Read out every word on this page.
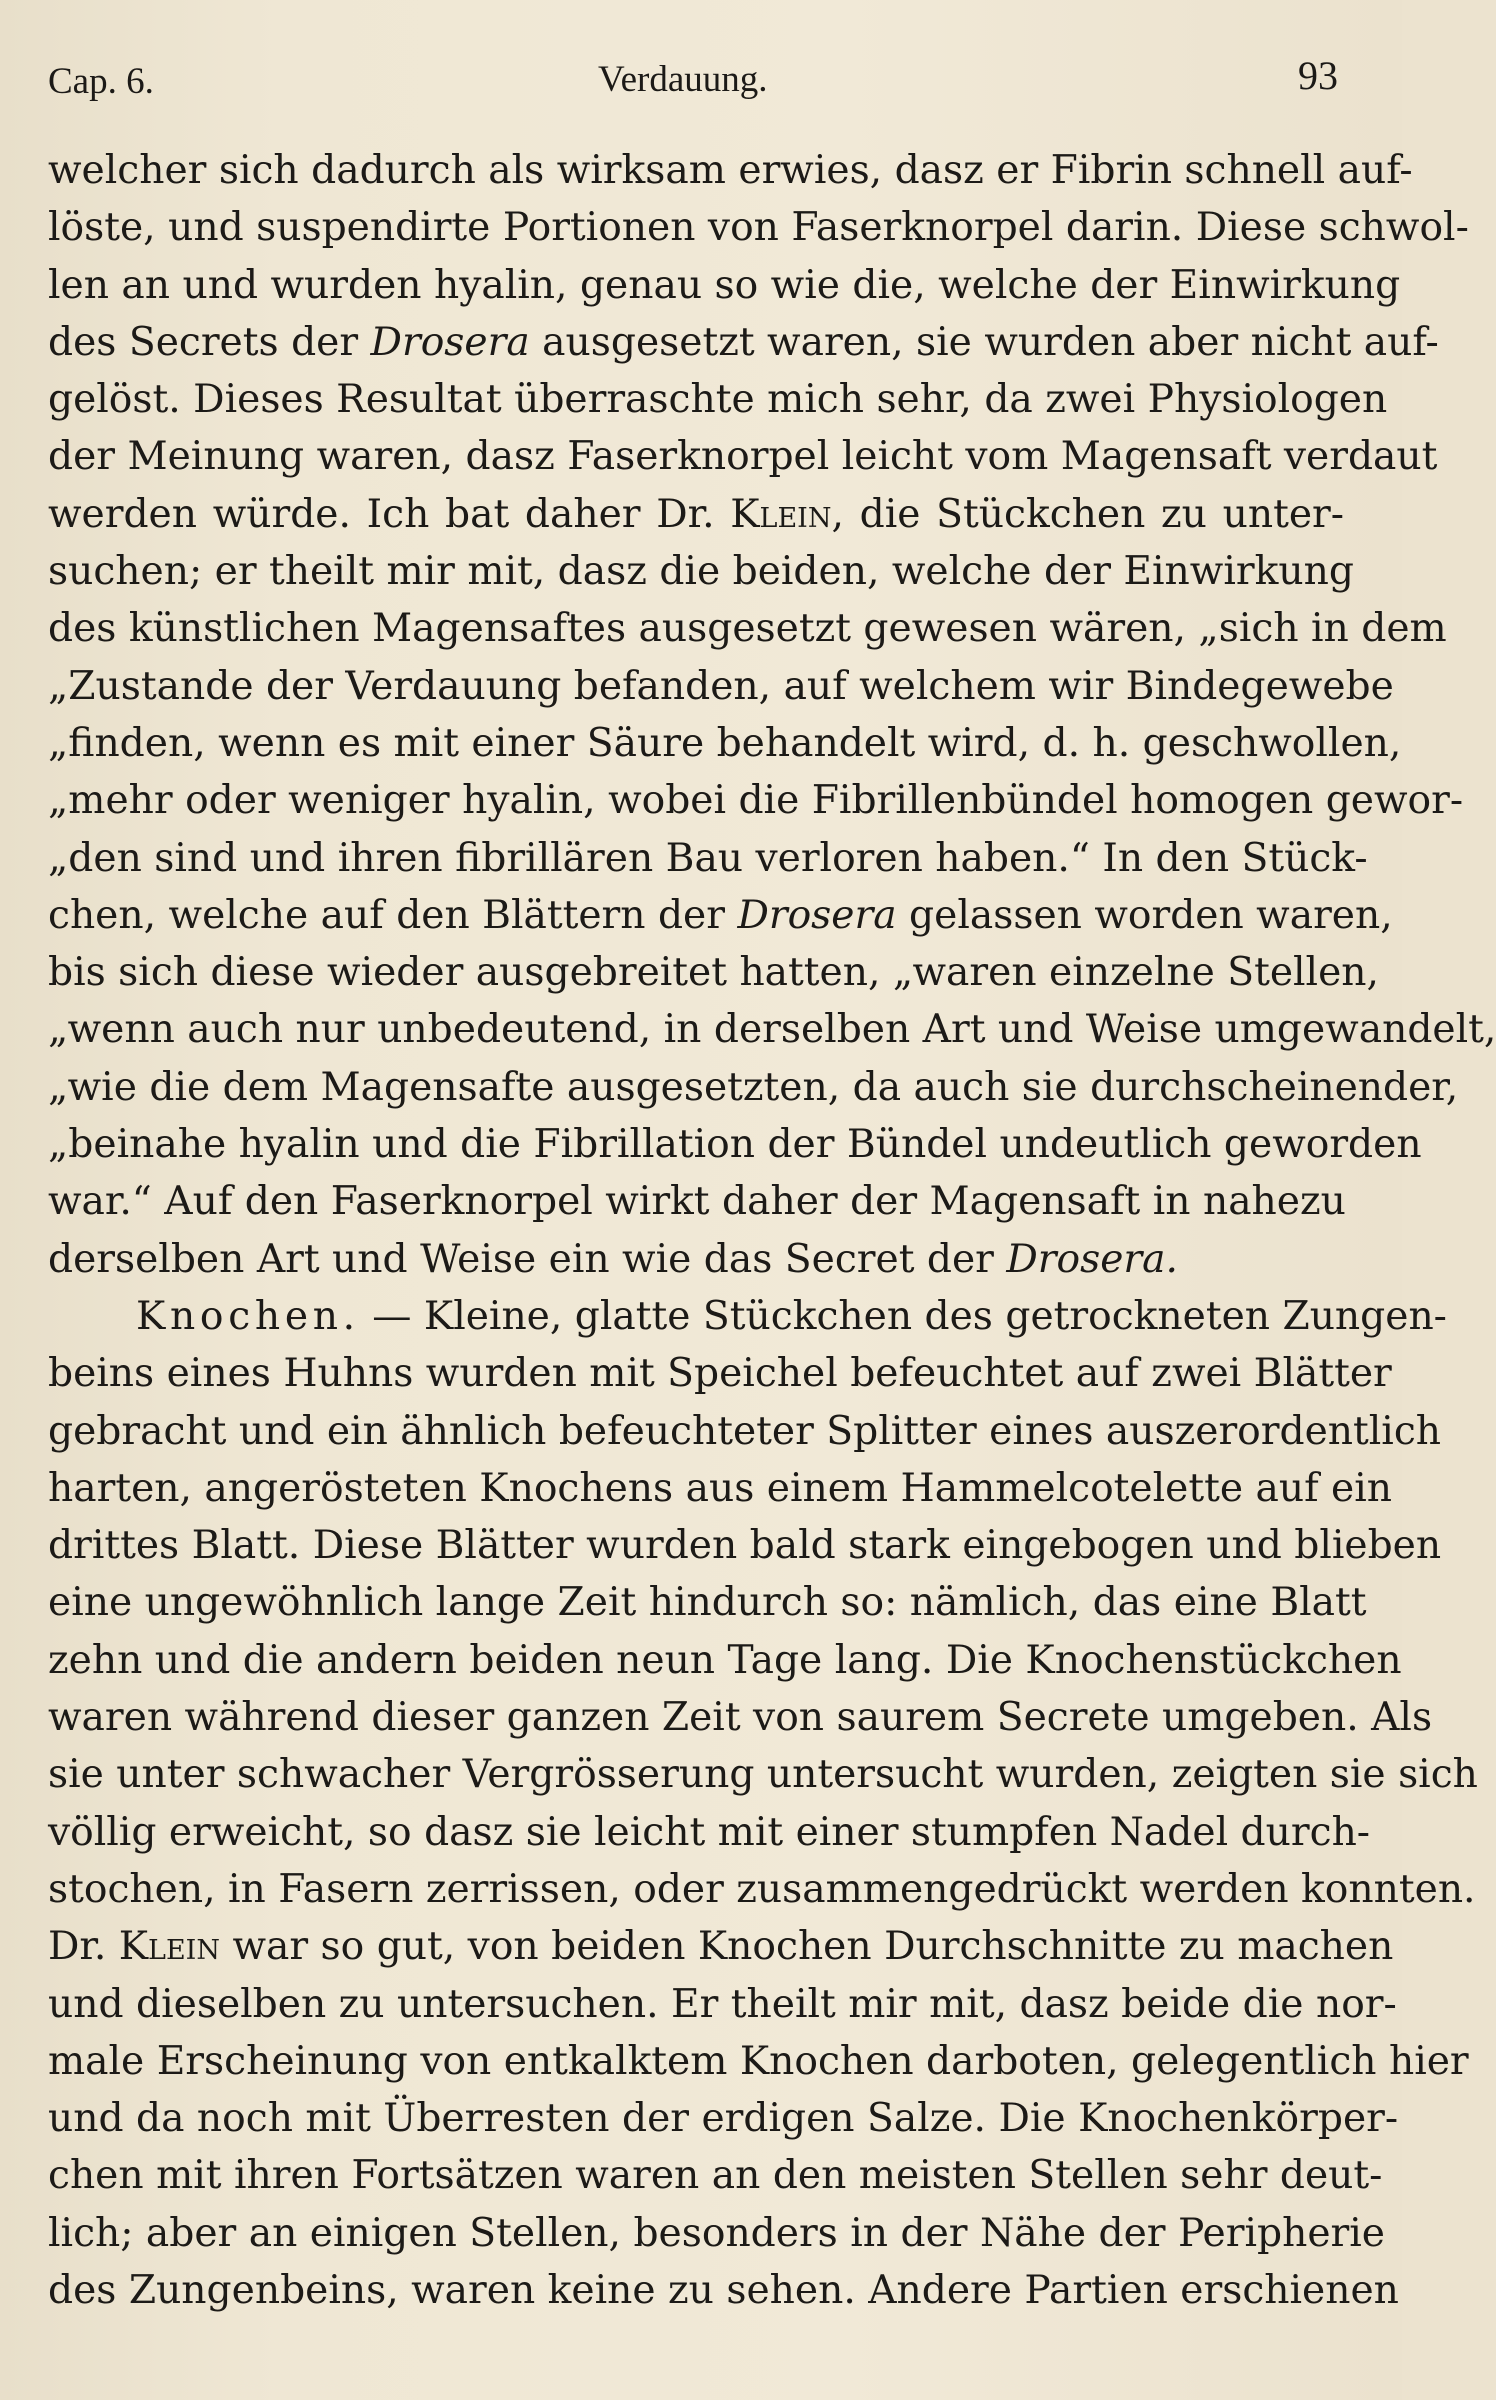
Cap. 6.	Verdauung.	93
welcher sich dadurch als wirksam erwies, dasz er Fibrin schnell auf-
löste, und suspendirte Portionen von Faserknorpel darin. Diese schwol-
len an und wurden hyalin, genau so wie die, welche der Einwirkung
des Secrets der Drosera ausgesetzt waren, sie wurden aber nicht auf-
gelöst. Dieses Resultat überraschte mich sehr, da zwei Physiologen
der Meinung waren, dasz Faserknorpel leicht vom Magensaft verdaut
werden würde. Ich bat daher Dr. Klein, die Stückchen zu unter-
suchen; er theilt mir mit, dasz die beiden, welche der Einwirkung
des künstlichen Magensaftes ausgesetzt gewesen wären, „sich in dem
„Zustande der Verdauung befanden, auf welchem wir Bindegewebe
„finden, wenn es mit einer Säure behandelt wird, d. h. geschwollen,
„mehr oder weniger hyalin, wobei die Fibrillenbündel homogen gewor-
„den sind und ihren fibrillären Bau verloren haben.“ In den Stück-
chen, welche auf den Blättern der Drosera gelassen worden waren,
bis sich diese wieder ausgebreitet hatten, „waren einzelne Stellen,
„wenn auch nur unbedeutend, in derselben Art und Weise umgewandelt,
„wie die dem Magensafte ausgesetzten, da auch sie durchscheinender,
„beinahe hyalin und die Fibrillation der Bündel undeutlich geworden
war.“ Auf den Faserknorpel wirkt daher der Magensaft in nahezu
derselben Art und Weise ein wie das Secret der Drosera.
Knochen. — Kleine, glatte Stückchen des getrockneten Zungen-
beins eines Huhns wurden mit Speichel befeuchtet auf zwei Blätter
gebracht und ein ähnlich befeuchteter Splitter eines auszerordentlich
harten, angerösteten Knochens aus einem Hammelcotelette auf ein
drittes Blatt. Diese Blätter wurden bald stark eingebogen und blieben
eine ungewöhnlich lange Zeit hindurch so: nämlich, das eine Blatt
zehn und die andern beiden neun Tage lang. Die Knochenstückchen
waren während dieser ganzen Zeit von saurem Secrete umgeben. Als
sie unter schwacher Vergrösserung untersucht wurden, zeigten sie sich
völlig erweicht, so dasz sie leicht mit einer stumpfen Nadel durch-
stochen, in Fasern zerrissen, oder zusammengedrückt werden konnten.
Dr. Klein war so gut, von beiden Knochen Durchschnitte zu machen
und dieselben zu untersuchen. Er theilt mir mit, dasz beide die nor-
male Erscheinung von entkalktem Knochen darboten, gelegentlich hier
und da noch mit Überresten der erdigen Salze. Die Knochenkörper-
chen mit ihren Fortsätzen waren an den meisten Stellen sehr deut-
lich; aber an einigen Stellen, besonders in der Nähe der Peripherie
des Zungenbeins, waren keine zu sehen. Andere Partien erschienen
